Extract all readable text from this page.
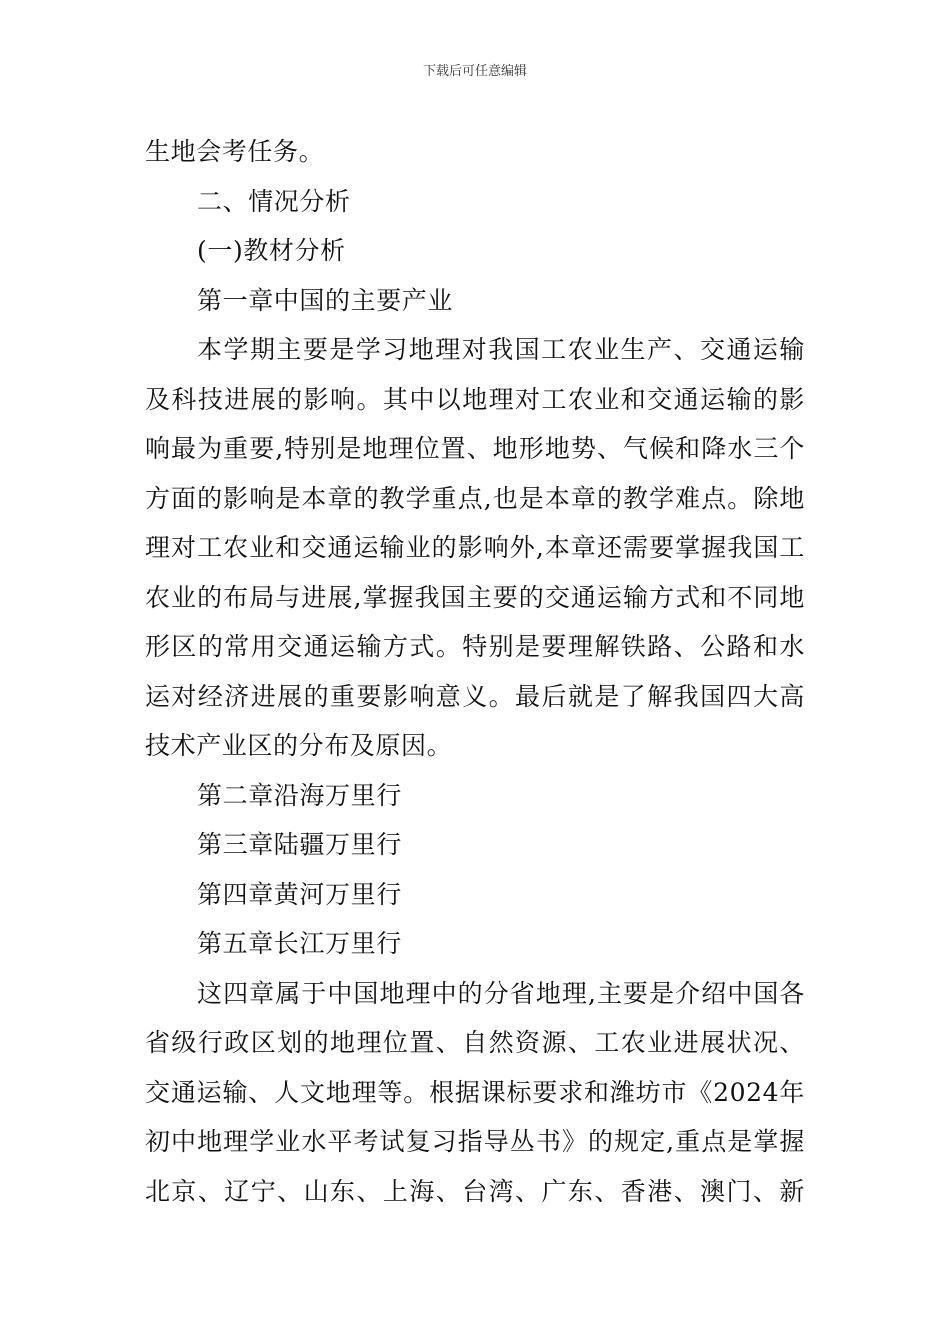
下载后可任意编辑
生地会考任务。
二、情况分析
(一)教材分析
第一章中国的主要产业
本学期主要是学习地理对我国工农业生产、交通运输
及科技进展的影响。其中以地理对工农业和交通运输的影
响最为重要,特别是地理位置、地形地势、气候和降水三个
方面的影响是本章的教学重点,也是本章的教学难点。除地
理对工农业和交通运输业的影响外,本章还需要掌握我国工
农业的布局与进展,掌握我国主要的交通运输方式和不同地
形区的常用交通运输方式。特别是要理解铁路、公路和水
运对经济进展的重要影响意义。最后就是了解我国四大高
技术产业区的分布及原因。
第二章沿海万里行
第三章陆疆万里行
第四章黄河万里行
第五章长江万里行
这四章属于中国地理中的分省地理,主要是介绍中国各
省级行政区划的地理位置、自然资源、工农业进展状况、
交通运输、人文地理等。根据课标要求和潍坊市《2024年
初中地理学业水平考试复习指导丛书》的规定,重点是掌握
北京、辽宁、山东、上海、台湾、广东、香港、澳门、新
